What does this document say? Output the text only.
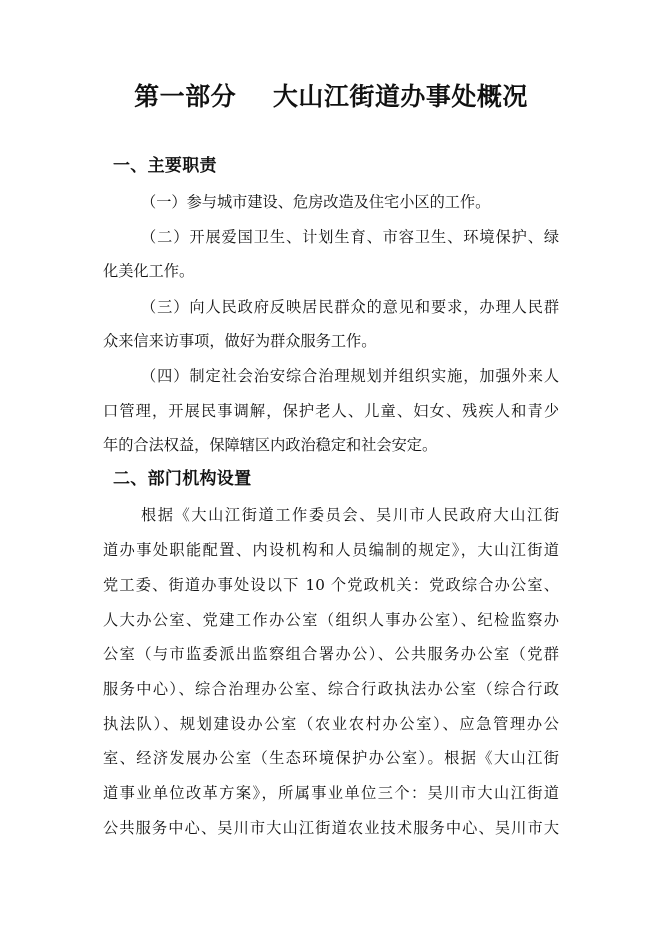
第一部分    大山江街道办事处概况
一、主要职责
（一）参与城市建设、危房改造及住宅小区的工作。
（二）开展爱国卫生、计划生育、市容卫生、环境保护、绿
化美化工作。
（三）向人民政府反映居民群众的意见和要求，办理人民群
众来信来访事项，做好为群众服务工作。
（四）制定社会治安综合治理规划并组织实施，加强外来人
口管理，开展民事调解，保护老人、儿童、妇女、残疾人和青少
年的合法权益，保障辖区内政治稳定和社会安定。
二、部门机构设置
根据《大山江街道工作委员会、吴川市人民政府大山江街
道办事处职能配置、内设机构和人员编制的规定》，大山江街道
党工委、街道办事处设以下 10 个党政机关：党政综合办公室、
人大办公室、党建工作办公室（组织人事办公室）、纪检监察办
公室（与市监委派出监察组合署办公）、公共服务办公室（党群
服务中心）、综合治理办公室、综合行政执法办公室（综合行政
执法队）、规划建设办公室（农业农村办公室）、应急管理办公
室、经济发展办公室（生态环境保护办公室）。根据《大山江街
道事业单位改革方案》，所属事业单位三个：吴川市大山江街道
公共服务中心、吴川市大山江街道农业技术服务中心、吴川市大
